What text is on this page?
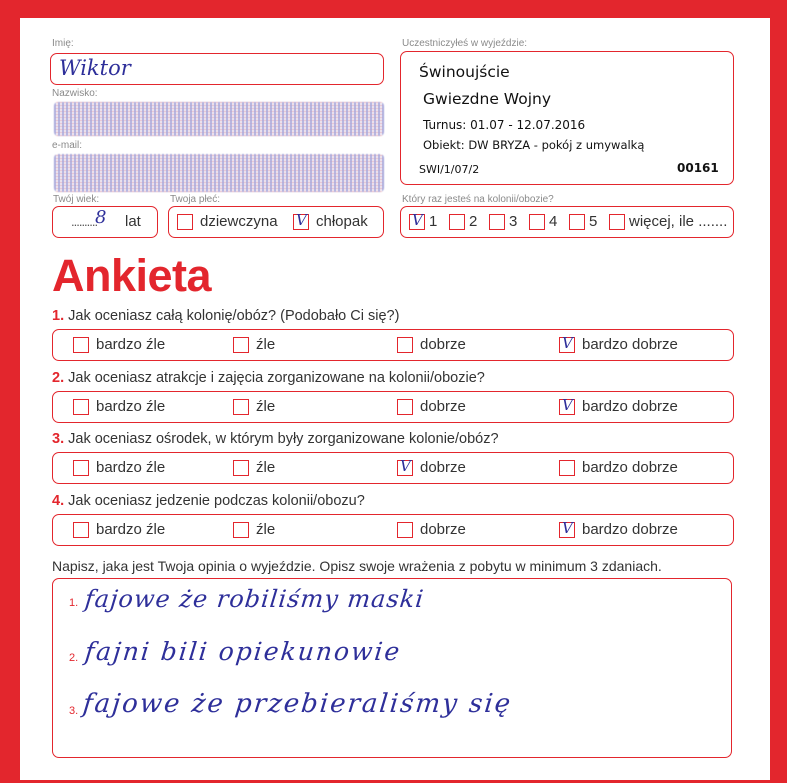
Imię:
Wiktor
Nazwisko:
e-mail:
Twój wiek:
8
.......... lat
Twoja płeć:
dziewczyna V chłopak
Uczestniczyłeś w wyjeździe:
Świnoujście
Gwiezdne Wojny
Turnus: 01.07 - 12.07.2016
Obiekt: DW BRYZA - pokój z umywalką
SWI/1/07/2	00161
Który raz jesteś na kolonii/obozie?
V 1 2 3 4 5 więcej, ile .......
Ankieta
1. Jak oceniasz całą kolonię/obóz? (Podobało Ci się?)
bardzo źle	źle	dobrze	V bardzo dobrze
2. Jak oceniasz atrakcje i zajęcia zorganizowane na kolonii/obozie?
bardzo źle	źle	dobrze	V bardzo dobrze
3. Jak oceniasz ośrodek, w którym były zorganizowane kolonie/obóz?
bardzo źle	źle	V dobrze	bardzo dobrze
4. Jak oceniasz jedzenie podczas kolonii/obozu?
bardzo źle	źle	dobrze	V bardzo dobrze
Napisz, jaka jest Twoja opinia o wyjeździe. Opisz swoje wrażenia z pobytu w minimum 3 zdaniach.
1. fajowe że robiliśmy maski
2. fajni bili opiekunowie
3. fajowe że przebieraliśmy się
